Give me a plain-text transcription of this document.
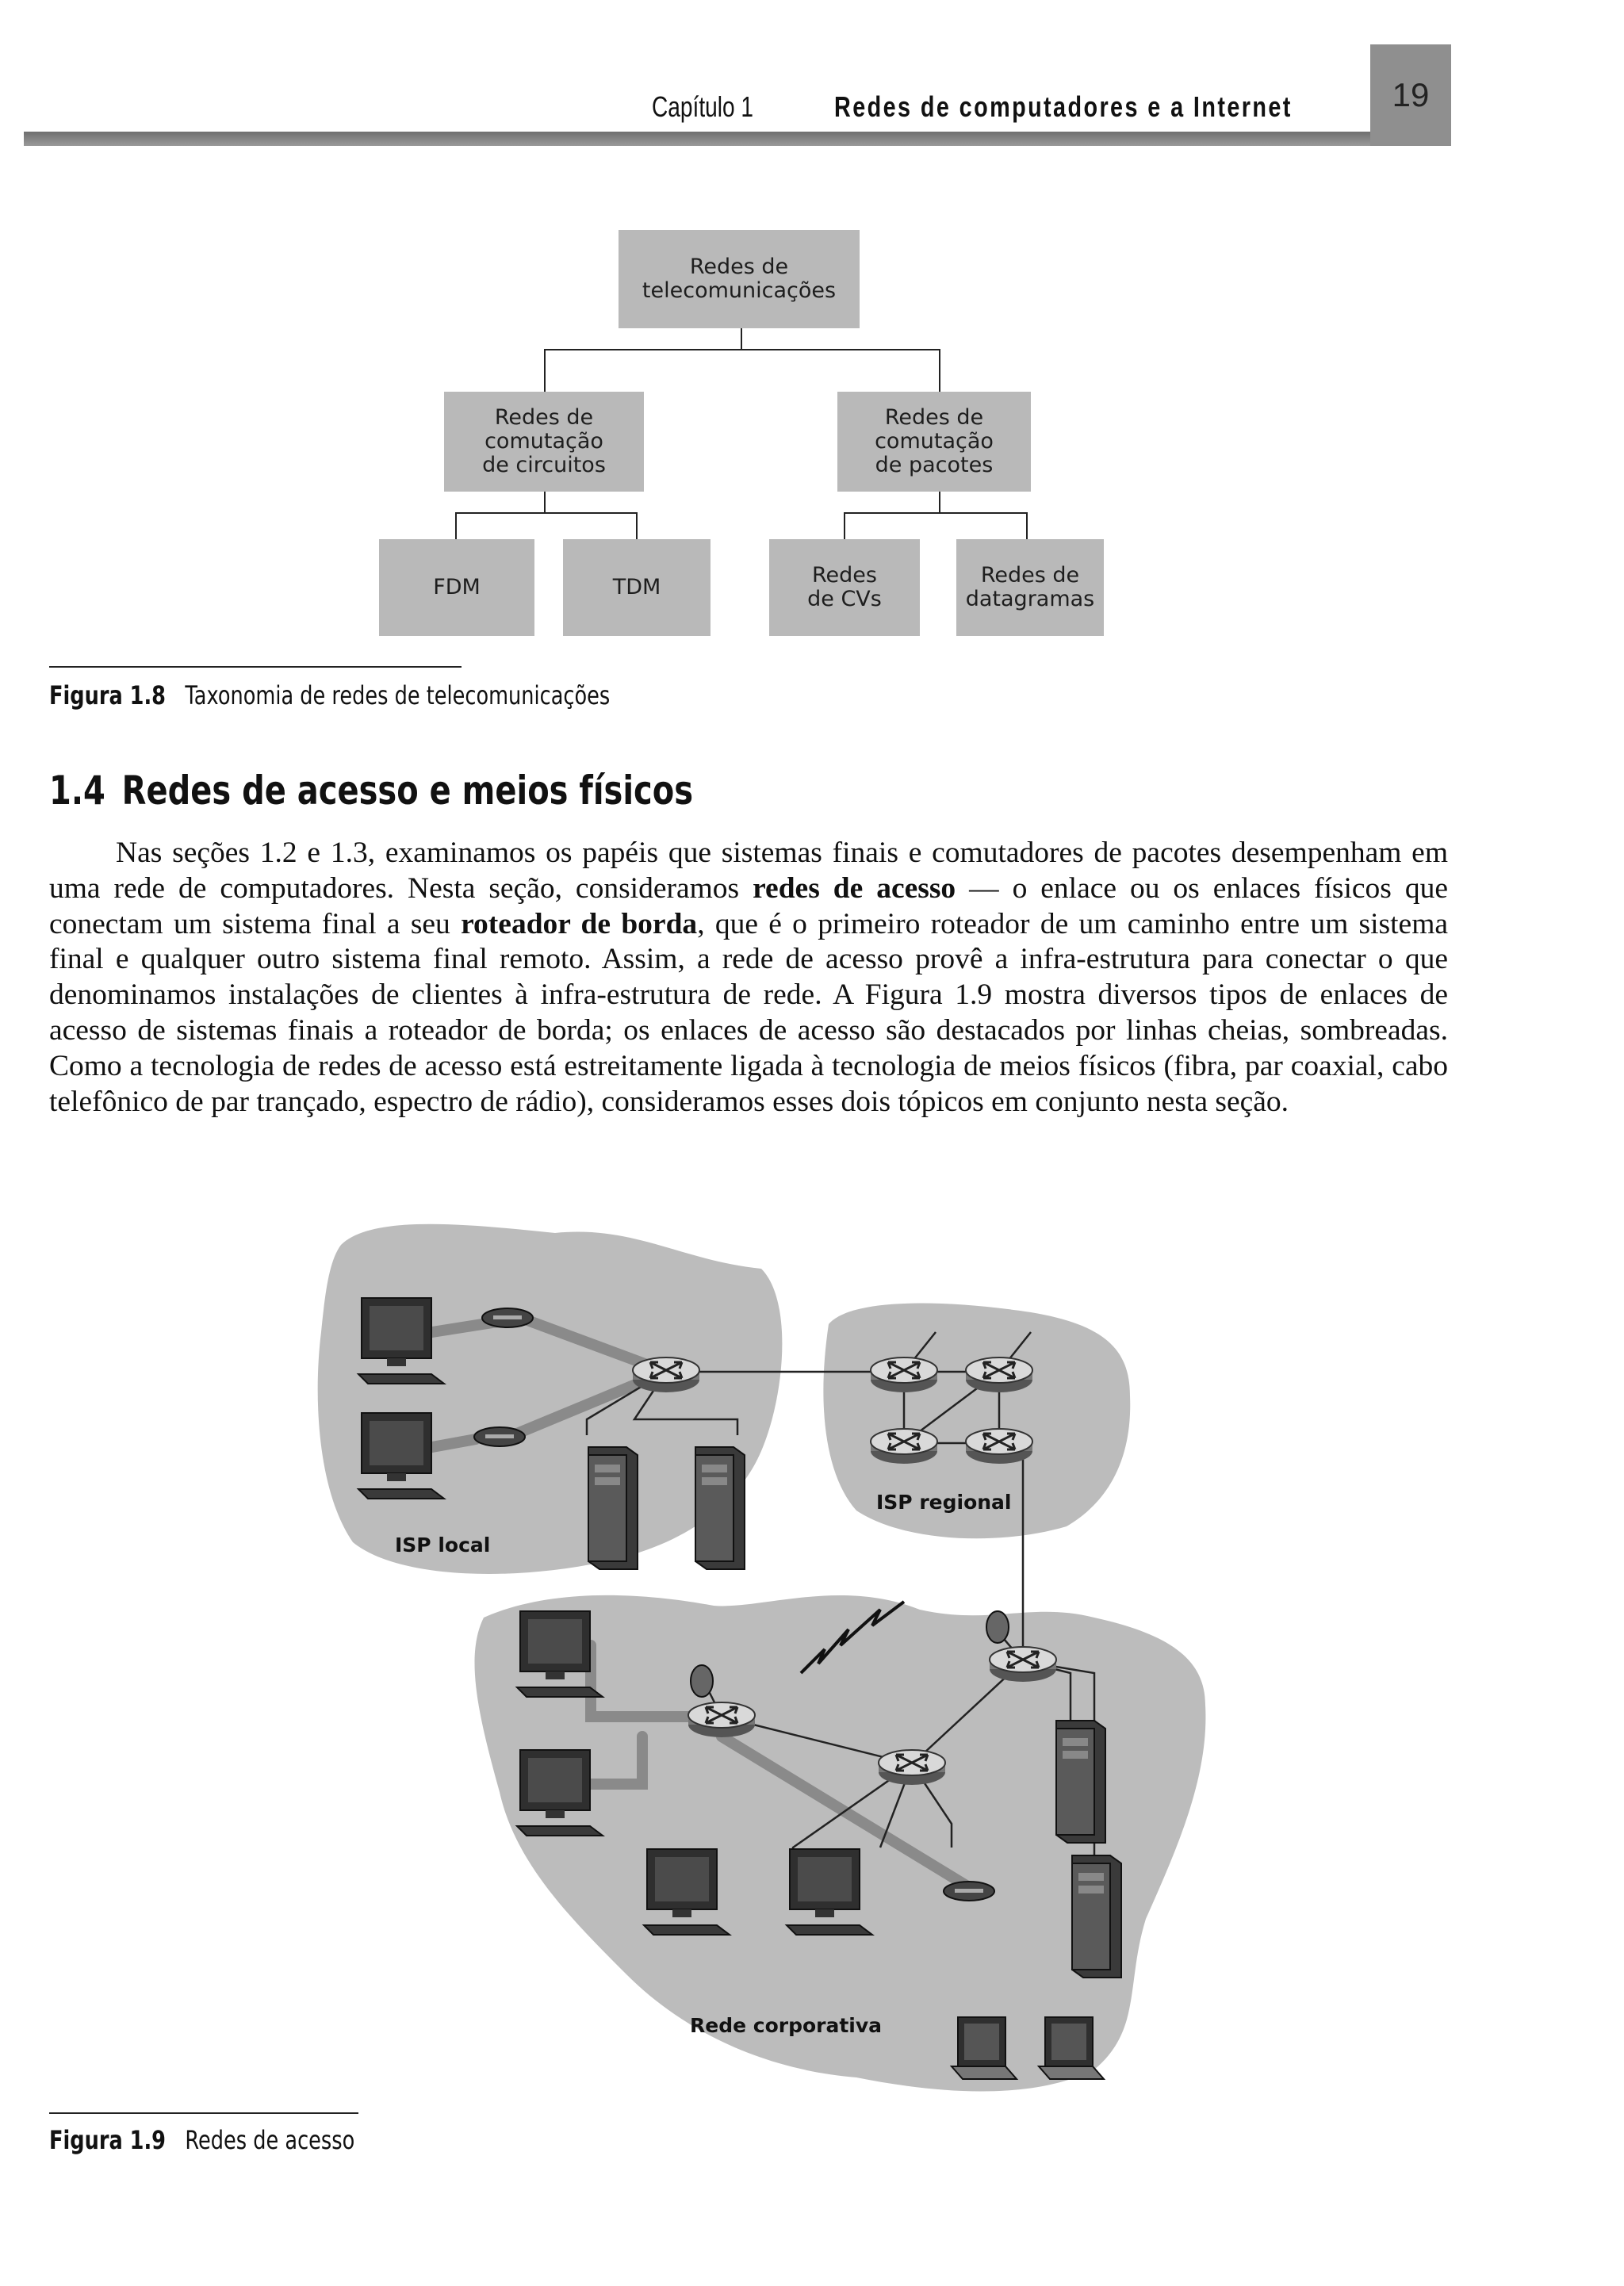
19
Capítulo 1	Redes de computadores e a Internet
Redes de
telecomunicações
Redes de
comutação
de circuitos
Redes de
comutação
de pacotes
FDM	TDM	Redes
de CVs
Redes de
datagramas
Figura 1.8 Taxonomia de redes de telecomunicações
1.4 Redes de acesso e meios físicos
Nas seções 1.2 e 1.3, examinamos os papéis que sistemas finais e comutadores de pacotes desempenham em uma rede de computadores. Nesta seção, consideramos redes de acesso — o enlace ou os enlaces físicos que conectam um sistema final a seu roteador de borda, que é o primeiro roteador de um caminho entre um sistema final e qualquer outro sistema final remoto. Assim, a rede de acesso provê a infra-estrutura para conectar o que denominamos instalações de clientes à infra-estrutura de rede. A Figura 1.9 mostra diversos tipos de enlaces de acesso de sistemas finais a roteador de borda; os enlaces de acesso são destacados por linhas cheias, sombreadas. Como a tecnologia de redes de acesso está estreitamente ligada à tecnologia de meios físicos (fibra, par coaxial, cabo telefônico de par trançado, espectro de rádio), consideramos esses dois tópicos em conjunto nesta seção.
ISP local
ISP regional
Rede corporativa
Figura 1.9 Redes de acesso
